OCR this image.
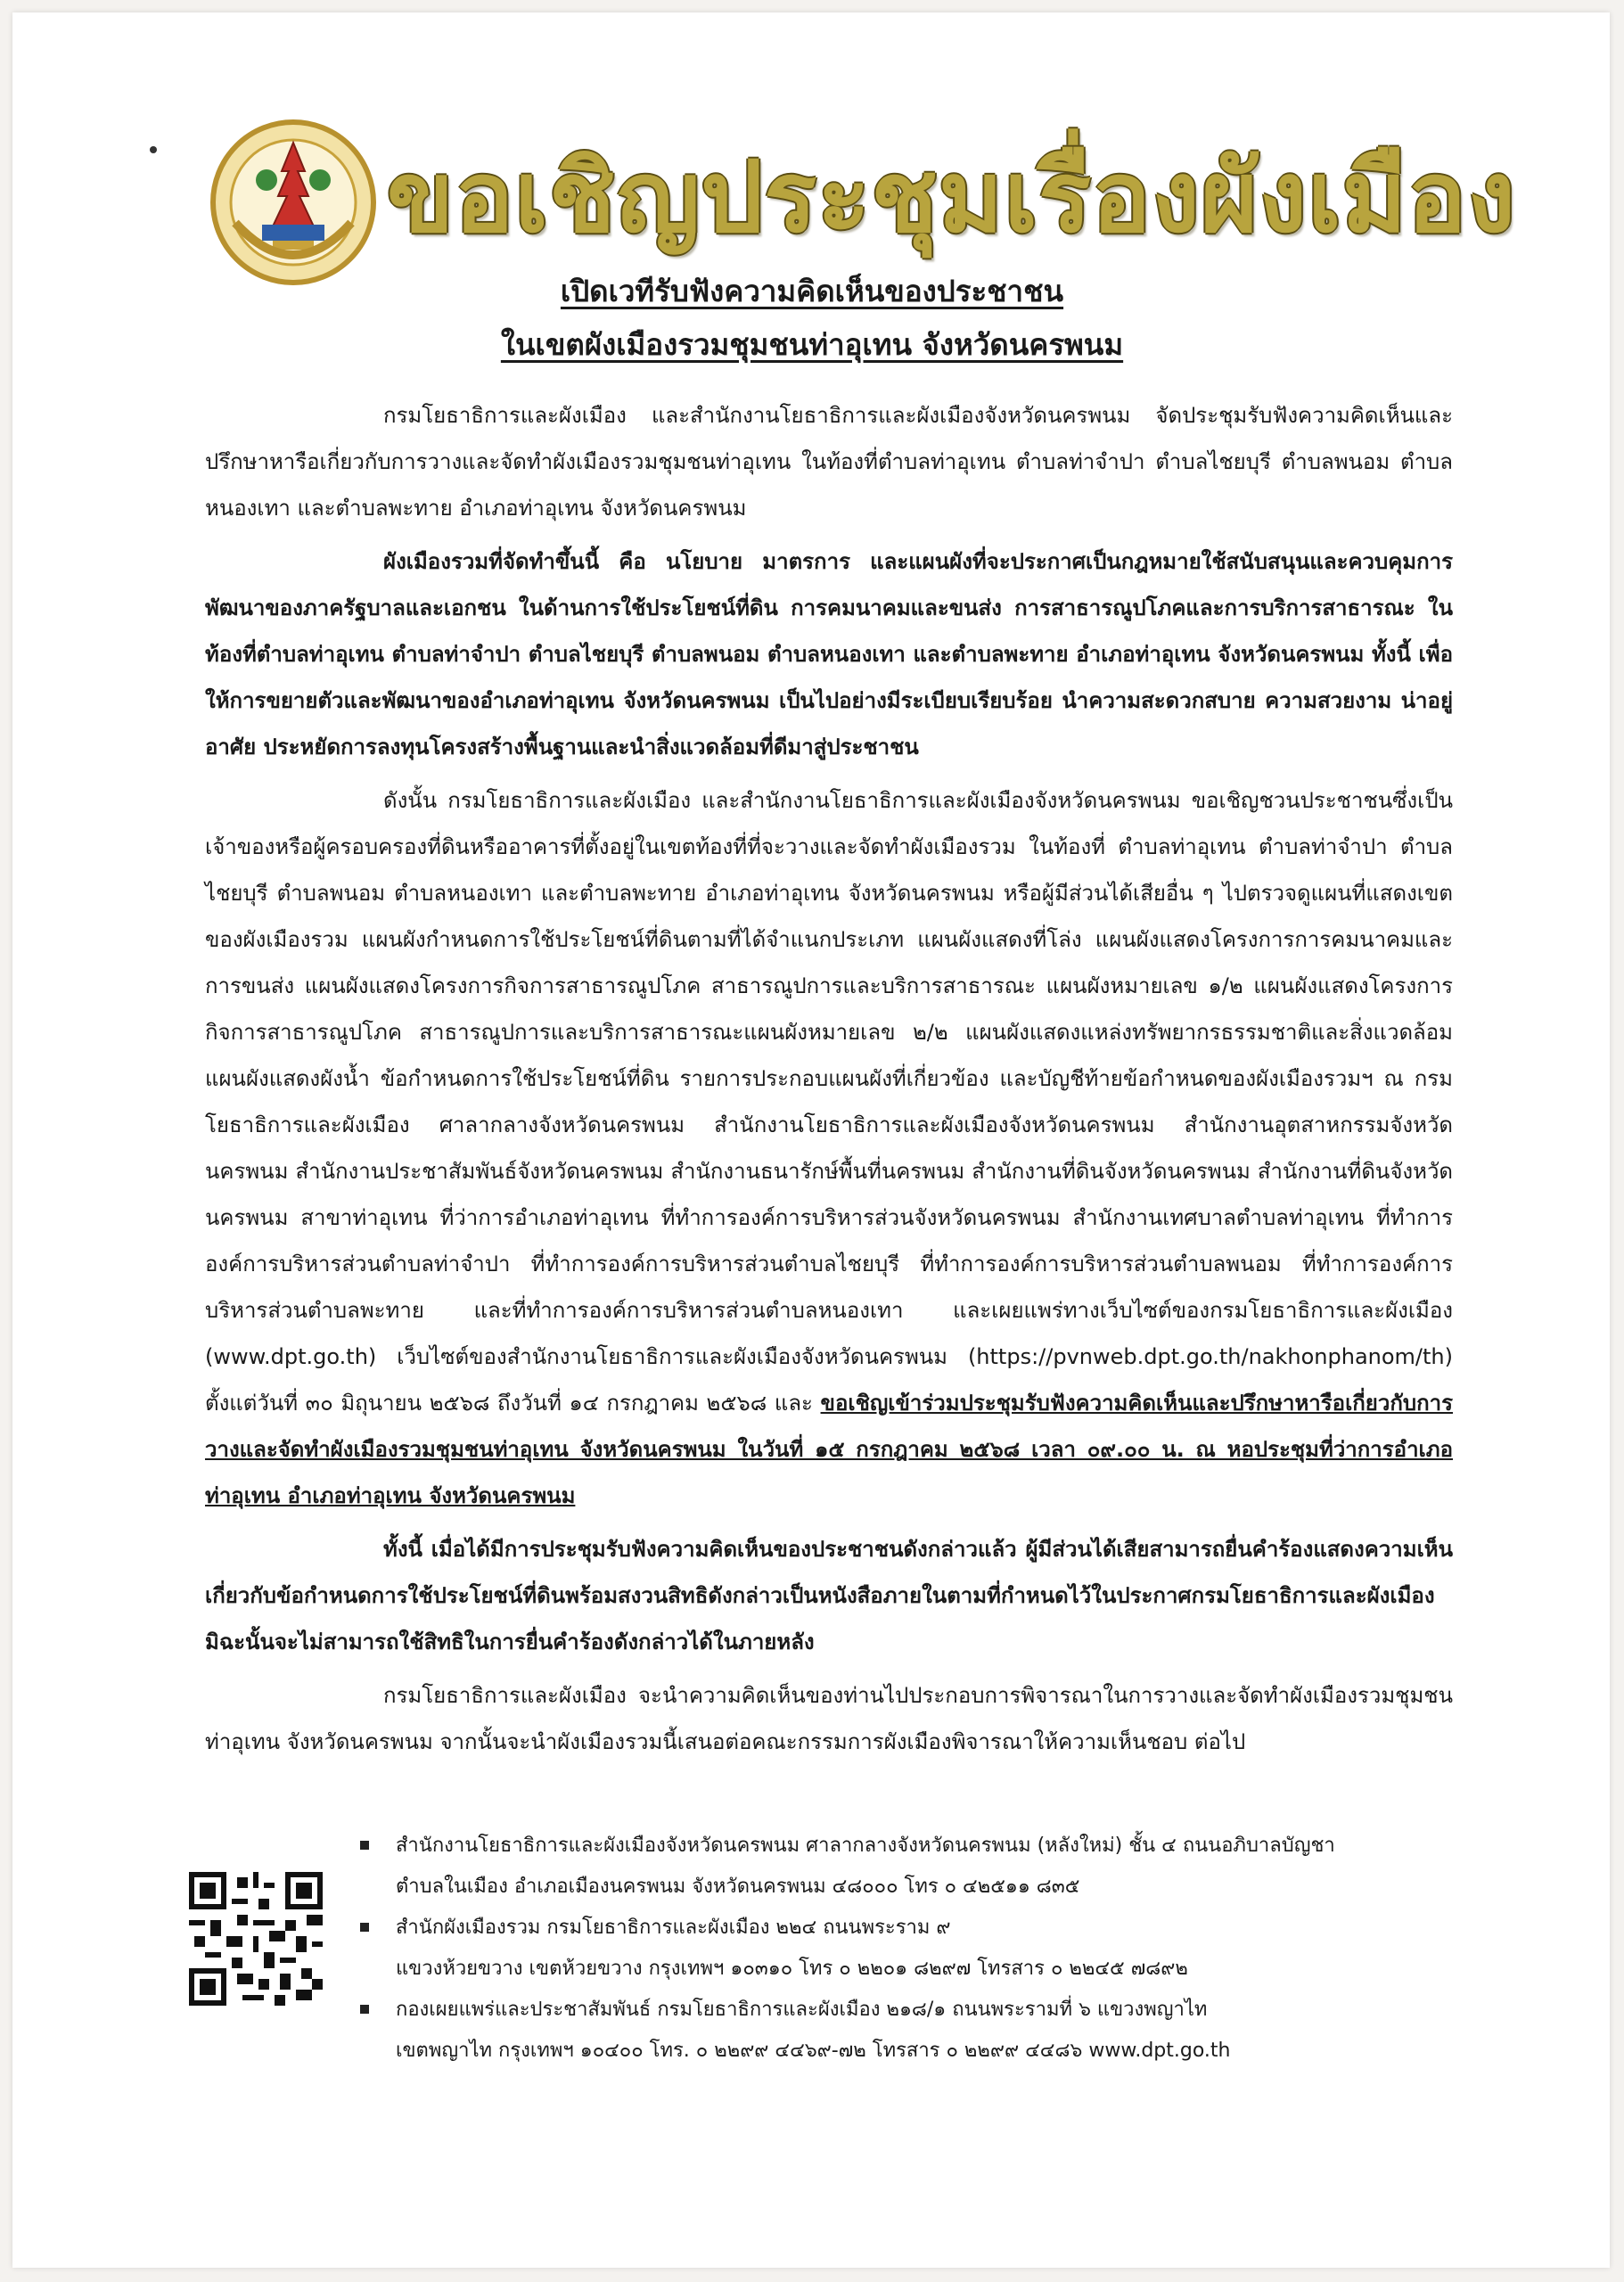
ขอเชิญประชุมเรื่องผังเมือง
เปิดเวทีรับฟังความคิดเห็นของประชาชน
ในเขตผังเมืองรวมชุมชนท่าอุเทน จังหวัดนครพนม

กรมโยธาธิการและผังเมือง และสำนักงานโยธาธิการและผังเมืองจังหวัดนครพนม จัดประชุมรับฟังความคิดเห็นและปรึกษาหารือเกี่ยวกับการวางและจัดทำผังเมืองรวมชุมชนท่าอุเทน ในท้องที่ตำบลท่าอุเทน ตำบลท่าจำปา ตำบลไชยบุรี ตำบลพนอม ตำบลหนองเทา และตำบลพะทาย อำเภอท่าอุเทน จังหวัดนครพนม

ผังเมืองรวมที่จัดทำขึ้นนี้ คือ นโยบาย มาตรการ และแผนผังที่จะประกาศเป็นกฎหมายใช้สนับสนุนและควบคุมการพัฒนาของภาครัฐบาลและเอกชน ในด้านการใช้ประโยชน์ที่ดิน การคมนาคมและขนส่ง การสาธารณูปโภคและการบริการสาธารณะ ในท้องที่ตำบลท่าอุเทน ตำบลท่าจำปา ตำบลไชยบุรี ตำบลพนอม ตำบลหนองเทา และตำบลพะทาย อำเภอท่าอุเทน จังหวัดนครพนม ทั้งนี้ เพื่อให้การขยายตัวและพัฒนาของอำเภอท่าอุเทน จังหวัดนครพนม เป็นไปอย่างมีระเบียบเรียบร้อย นำความสะดวกสบาย ความสวยงาม น่าอยู่อาศัย ประหยัดการลงทุนโครงสร้างพื้นฐานและนำสิ่งแวดล้อมที่ดีมาสู่ประชาชน

ดังนั้น กรมโยธาธิการและผังเมือง และสำนักงานโยธาธิการและผังเมืองจังหวัดนครพนม ขอเชิญชวนประชาชนซึ่งเป็นเจ้าของหรือผู้ครอบครองที่ดินหรืออาคารที่ตั้งอยู่ในเขตท้องที่ที่จะวางและจัดทำผังเมืองรวม ในท้องที่ ตำบลท่าอุเทน ตำบลท่าจำปา ตำบลไชยบุรี ตำบลพนอม ตำบลหนองเทา และตำบลพะทาย อำเภอท่าอุเทน จังหวัดนครพนม หรือผู้มีส่วนได้เสียอื่น ๆ ไปตรวจดูแผนที่แสดงเขตของผังเมืองรวม แผนผังกำหนดการใช้ประโยชน์ที่ดินตามที่ได้จำแนกประเภท แผนผังแสดงที่โล่ง แผนผังแสดงโครงการการคมนาคมและการขนส่ง แผนผังแสดงโครงการกิจการสาธารณูปโภค สาธารณูปการและบริการสาธารณะ แผนผังหมายเลข ๑/๒ แผนผังแสดงโครงการกิจการสาธารณูปโภค สาธารณูปการและบริการสาธารณะแผนผังหมายเลข ๒/๒ แผนผังแสดงแหล่งทรัพยากรธรรมชาติและสิ่งแวดล้อม แผนผังแสดงผังน้ำ ข้อกำหนดการใช้ประโยชน์ที่ดิน รายการประกอบแผนผังที่เกี่ยวข้อง และบัญชีท้ายข้อกำหนดของผังเมืองรวมฯ ณ กรมโยธาธิการและผังเมือง ศาลากลางจังหวัดนครพนม สำนักงานโยธาธิการและผังเมืองจังหวัดนครพนม สำนักงานอุตสาหกรรมจังหวัดนครพนม สำนักงานประชาสัมพันธ์จังหวัดนครพนม สำนักงานธนารักษ์พื้นที่นครพนม สำนักงานที่ดินจังหวัดนครพนม สำนักงานที่ดินจังหวัดนครพนม สาขาท่าอุเทน ที่ว่าการอำเภอท่าอุเทน ที่ทำการองค์การบริหารส่วนจังหวัดนครพนม สำนักงานเทศบาลตำบลท่าอุเทน ที่ทำการองค์การบริหารส่วนตำบลท่าจำปา ที่ทำการองค์การบริหารส่วนตำบลไชยบุรี ที่ทำการองค์การบริหารส่วนตำบลพนอม ที่ทำการองค์การบริหารส่วนตำบลพะทาย และที่ทำการองค์การบริหารส่วนตำบลหนองเทา และเผยแพร่ทางเว็บไซต์ของกรมโยธาธิการและผังเมือง (www.dpt.go.th) เว็บไซต์ของสำนักงานโยธาธิการและผังเมืองจังหวัดนครพนม (https://pvnweb.dpt.go.th/nakhonphanom/th) ตั้งแต่วันที่ ๓๐ มิถุนายน ๒๕๖๘ ถึงวันที่ ๑๔ กรกฎาคม ๒๕๖๘ และ ขอเชิญเข้าร่วมประชุมรับฟังความคิดเห็นและปรึกษาหารือเกี่ยวกับการวางและจัดทำผังเมืองรวมชุมชนท่าอุเทน จังหวัดนครพนม ในวันที่ ๑๕ กรกฎาคม ๒๕๖๘ เวลา ๐๙.๐๐ น. ณ หอประชุมที่ว่าการอำเภอท่าอุเทน อำเภอท่าอุเทน จังหวัดนครพนม

ทั้งนี้ เมื่อได้มีการประชุมรับฟังความคิดเห็นของประชาชนดังกล่าวแล้ว ผู้มีส่วนได้เสียสามารถยื่นคำร้องแสดงความเห็นเกี่ยวกับข้อกำหนดการใช้ประโยชน์ที่ดินพร้อมสงวนสิทธิดังกล่าวเป็นหนังสือภายในตามที่กำหนดไว้ในประกาศกรมโยธาธิการและผังเมือง มิฉะนั้นจะไม่สามารถใช้สิทธิในการยื่นคำร้องดังกล่าวได้ในภายหลัง

กรมโยธาธิการและผังเมือง จะนำความคิดเห็นของท่านไปประกอบการพิจารณาในการวางและจัดทำผังเมืองรวมชุมชนท่าอุเทน จังหวัดนครพนม จากนั้นจะนำผังเมืองรวมนี้เสนอต่อคณะกรรมการผังเมืองพิจารณาให้ความเห็นชอบ ต่อไป

สำนักงานโยธาธิการและผังเมืองจังหวัดนครพนม ศาลากลางจังหวัดนครพนม (หลังใหม่) ชั้น ๔ ถนนอภิบาลบัญชา
ตำบลในเมือง อำเภอเมืองนครพนม จังหวัดนครพนม ๔๘๐๐๐ โทร ๐ ๔๒๕๑๑ ๘๓๕
สำนักผังเมืองรวม กรมโยธาธิการและผังเมือง ๒๒๔ ถนนพระราม ๙
แขวงห้วยขวาง เขตห้วยขวาง กรุงเทพฯ ๑๐๓๑๐ โทร ๐ ๒๒๐๑ ๘๒๙๗ โทรสาร ๐ ๒๒๔๕ ๗๘๙๒
กองเผยแพร่และประชาสัมพันธ์ กรมโยธาธิการและผังเมือง ๒๑๘/๑ ถนนพระรามที่ ๖ แขวงพญาไท
เขตพญาไท กรุงเทพฯ ๑๐๔๐๐ โทร. ๐ ๒๒๙๙ ๔๔๖๙-๗๒ โทรสาร ๐ ๒๒๙๙ ๔๔๘๖ www.dpt.go.th
